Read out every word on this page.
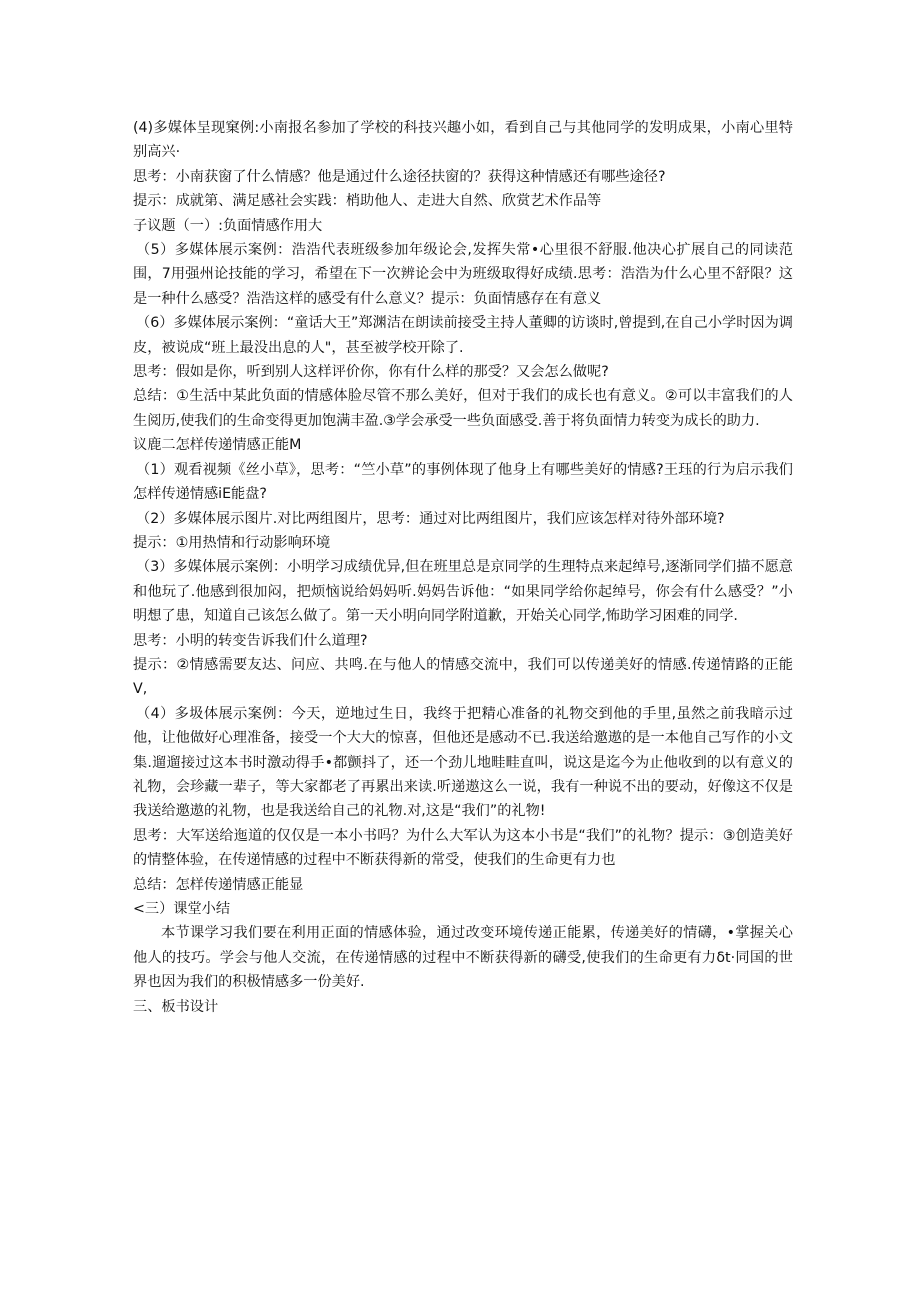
(4)多媒体呈现窠例:小南报名参加了学校的科技兴趣小如，看到自己与其他同学的发明成果，小南心里特别高兴·

思考：小南获窗了什么情感？他是通过什么途径扶窗的？获得这种情感还有哪些途径?

提示：成就第、满足感社会实践：梢助他人、走进大自然、欣赏艺术作品等

子议题（一）:负面情感作用大

（5）多媒体展示案例：浩浩代表班级参加年级论会,发挥失常•心里很不舒服.他决心扩展自己的同读范围，7用强州论技能的学习，希望在下一次辨论会中为班级取得好成绩.思考：浩浩为什么心里不舒限？这是一种什么感受？浩浩这样的感受有什么意义？提示：负面情感存在有意义

（6）多媒体展示案例：“童话大王”郑渊洁在朗读前接受主持人董卿的访谈时,曾提到,在自己小学时因为调皮，被说成“班上最没出息的人"，甚至被学校开除了.

思考：假如是你，听到别人这样评价你，你有什么样的那受？又会怎么做呢?

总结：①生活中某此负面的情感体脸尽管不那么美好，但对于我们的成长也有意义。②可以丰富我们的人生阅历,使我们的生命变得更加饱满丰盈.③学会承受一些负面感受.善于将负面情力转变为成长的助力.

议鹿二怎样传递情感正能M

（1）观看视频《丝小草》，思考：“竺小草”的事例体现了他身上有哪些美好的情感?王珏的行为启示我们怎样传递情感iE能盘?

（2）多媒体展示图片.对比两组图片，思考：通过对比两组图片，我们应该怎样对待外部环境?

提示：①用热情和行动影响环境

（3）多媒体展示案例：小明学习成绩优异,但在班里总是京同学的生理特点来起绰号,逐渐同学们描不愿意和他玩了.他感到很加闷，把烦恼说给妈妈听.妈妈告诉他：“如果同学给你起绰号，你会有什么感受？”小明想了患，知道自己该怎么做了。第一天小明向同学附道歉，开始关心同学,怖助学习困难的同学.

思考：小明的转变告诉我们什么道理?

提示：②情感需要友达、问应、共鸣.在与他人的情感交流中，我们可以传递美好的情感.传递情路的正能V,

（4）多圾体展示案例：今天，逆地过生日，我终于把精心准备的礼物交到他的手里,虽然之前我暗示过他，让他做好心理准备，接受一个大大的惊喜，但他还是感动不已.我送给邀遨的是一本他自己写作的小文集.遛遛接过这本书时激动得手•都颤抖了，还一个劲儿地畦畦直叫，说这是迄今为止他收到的以有意义的礼物，会珍藏一辈子，等大家都老了再累出来读.听递遨这么一说，我有一种说不出的要动，好像这不仅是我送给邀遨的礼物，也是我送给自己的礼物.对,这是“我们”的礼物!

思考：大军送给迤道的仅仅是一本小书吗？为什么大军认为这本小书是“我们”的礼物？提示：③创造美好的情整体验，在传递情感的过程中不断获得新的常受，使我们的生命更有力也

总结：怎样传递情感正能显

<三）课堂小结

本节课学习我们要在利用正面的情感体验，通过改变环境传递正能累，传递美好的情礴，•掌握关心他人的技巧。学会与他人交流，在传递情感的过程中不断获得新的礴受,使我们的生命更有力δt·同国的世界也因为我们的积极情感多一份美好.

三、板书设计
